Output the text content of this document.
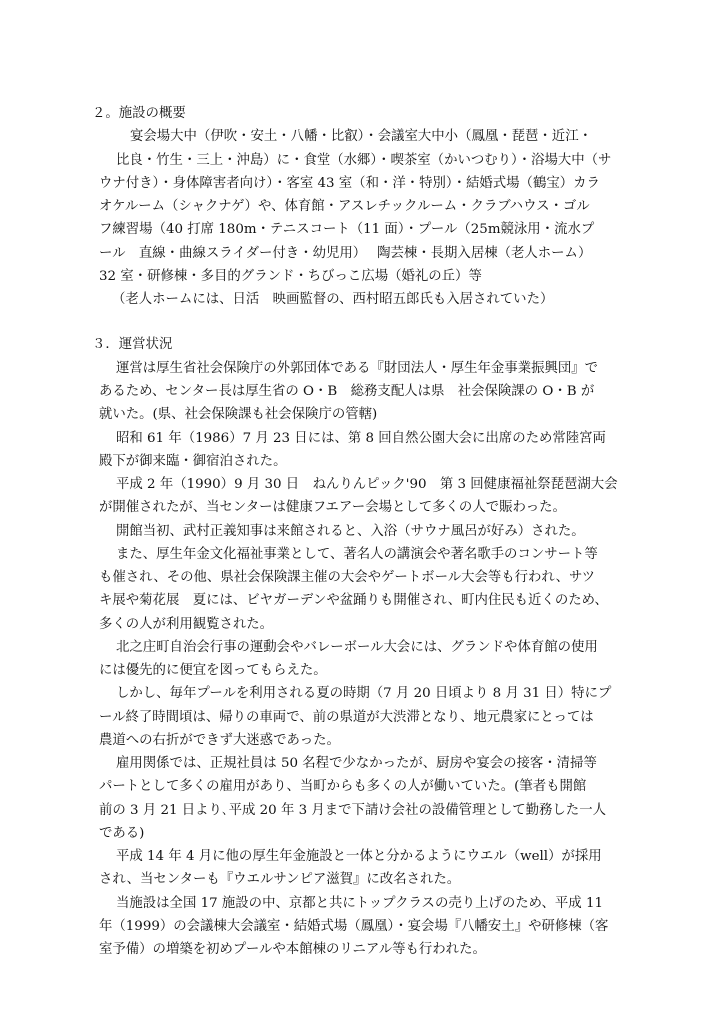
２。施設の概要
宴会場大中（伊吹・安土・八幡・比叡）・会議室大中小（鳳凰・琵琶・近江・
比良・竹生・三上・沖島）に・食堂（水郷）・喫茶室（かいつむり）・浴場大中（サ
ウナ付き）・身体障害者向け）・客室 43 室（和・洋・特別）・結婚式場（鶴宝）カラ
オケルーム（シャクナゲ）や、体育館・アスレチックルーム・クラブハウス・ゴル
フ練習場（40 打席 180m・テニスコート（11 面）・プール（25m競泳用・流水プ
ール　直線・曲線スライダー付き・幼児用）　 陶芸棟・長期入居棟（老人ホーム）
32 室・研修棟・多目的グランド・ちびっこ広場（婚礼の丘）等
（老人ホームには、日活　映画監督の、西村昭五郎氏も入居されていた）
３．運営状況
運営は厚生省社会保険庁の外郭団体である『財団法人・厚生年金事業振興団』で
あるため、センター長は厚生省の O・B　総務支配人は県　社会保険課の O・B が
就いた。(県、社会保険課も社会保険庁の管轄)
昭和 61 年（1986）7 月 23 日には、第 8 回自然公園大会に出席のため常陸宮両
殿下が御来臨・御宿泊された。
平成 2 年（1990）9 月 30 日　ねんりんピック'90　第 3 回健康福祉祭琵琶湖大会
が開催されたが、当センターは健康フエアー会場として多くの人で賑わった。
開館当初、武村正義知事は来館されると、入浴（サウナ風呂が好み）された。
また、厚生年金文化福祉事業として、著名人の講演会や著名歌手のコンサート等
も催され、その他、県社会保険課主催の大会やゲートボール大会等も行われ、サツ
キ展や菊花展　夏には、ビヤガーデンや盆踊りも開催され、町内住民も近くのため、
多くの人が利用観覧された。
北之庄町自治会行事の運動会やバレーボール大会には、グランドや体育館の使用
には優先的に便宜を図ってもらえた。
しかし、毎年プールを利用される夏の時期（7 月 20 日頃より 8 月 31 日）特にプ
ール終了時間頃は、帰りの車両で、前の県道が大渋滞となり、地元農家にとっては
農道への右折ができず大迷惑であった。
雇用関係では、正規社員は 50 名程で少なかったが、厨房や宴会の接客・清掃等
パートとして多くの雇用があり、当町からも多くの人が働いていた。(筆者も開館
前の 3 月 21 日より､平成 20 年 3 月まで下請け会社の設備管理として勤務した一人
である)
平成 14 年 4 月に他の厚生年金施設と一体と分かるようにウエル（well）が採用
され、当センターも『ウエルサンピア滋賀』に改名された。
当施設は全国 17 施設の中、京都と共にトップクラスの売り上げのため、平成 11
年（1999）の会議棟大会議室・結婚式場（鳳凰）・宴会場『八幡安土』や研修棟（客
室予備）の増築を初めプールや本館棟のリニアル等も行われた。
